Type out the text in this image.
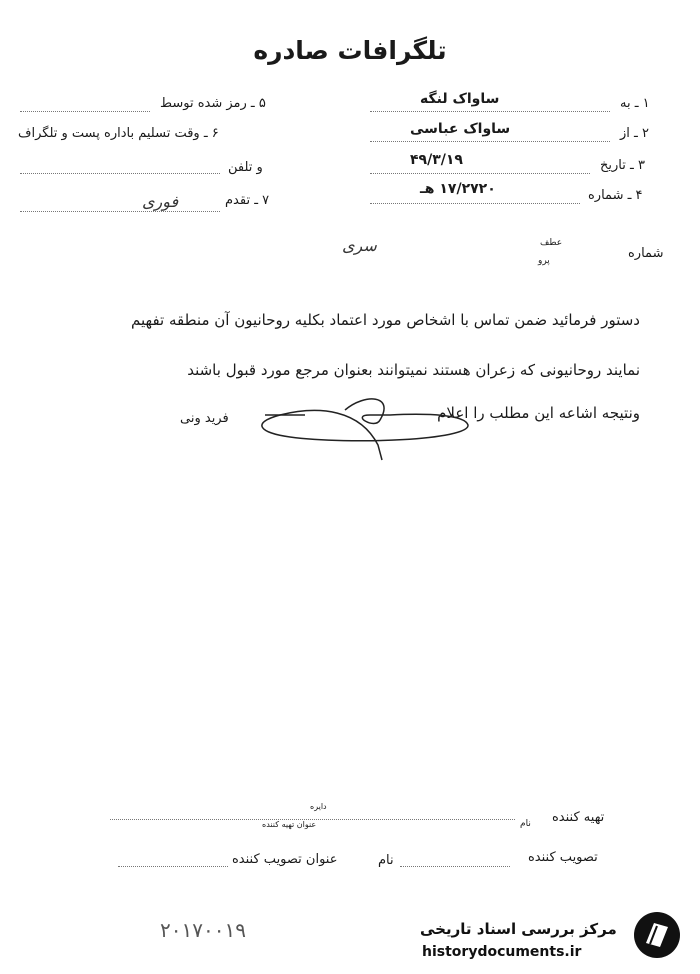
تلگرافات صادره
۵ ـ رمز شده توسط
۶ ـ وقت تسلیم باداره پست و تلگراف
و تلفن
۷ ـ تقدم
فوری
۱ ـ به
ساواک لنگه
۲ ـ از
ساواک عباسی
۳ ـ تاریخ
۴۹/۳/۱۹
۴ ـ شماره
۱۷/۲۷۲۰ هـ
شماره
عطف
پرو
سری
دستور فرمائید ضمن تماس با اشخاص مورد اعتماد بکلیه روحانیون آن منطقه تفهیم
نمایند روحانیونی که زعران هستند نمیتوانند بعنوان مرجع مورد قبول باشند
ونتیجه اشاعه این مطلب را اعلام
فرید ونی
دایره
تهیه کننده
نام
عنوان تهیه کننده
تصویب کننده
نام
عنوان تصویب کننده
۲۰۱۷۰۰۱۹	مرکز بررسی اسناد تاریخی
historydocuments.ir
